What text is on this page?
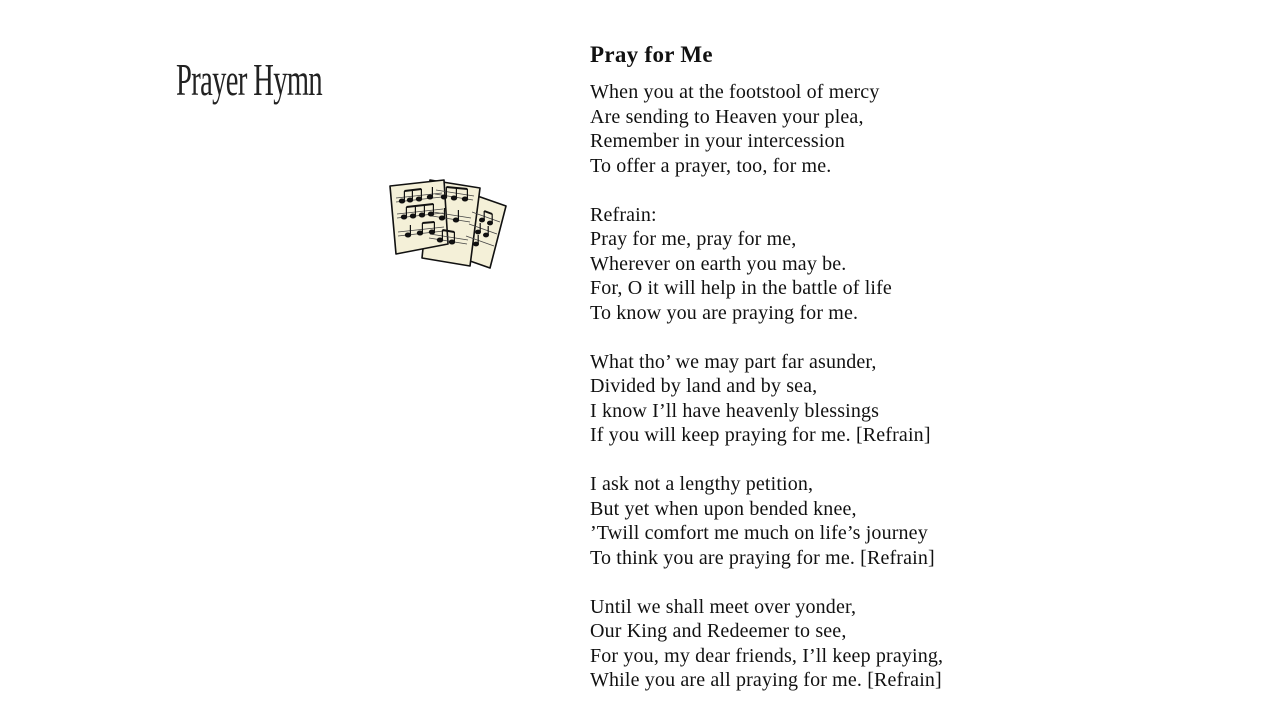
Prayer Hymn	Pray for Me
When you at the footstool of mercy
Are sending to Heaven your plea,
Remember in your intercession
To offer a prayer, too, for me.
Refrain:
Pray for me, pray for me,
Wherever on earth you may be.
For, O it will help in the battle of life
To know you are praying for me.
What tho’ we may part far asunder,
Divided by land and by sea,
I know I’ll have heavenly blessings
If you will keep praying for me. [Refrain]
I ask not a lengthy petition,
But yet when upon bended knee,
’Twill comfort me much on life’s journey
To think you are praying for me. [Refrain]
Until we shall meet over yonder,
Our King and Redeemer to see,
For you, my dear friends, I’ll keep praying,
While you are all praying for me. [Refrain]
